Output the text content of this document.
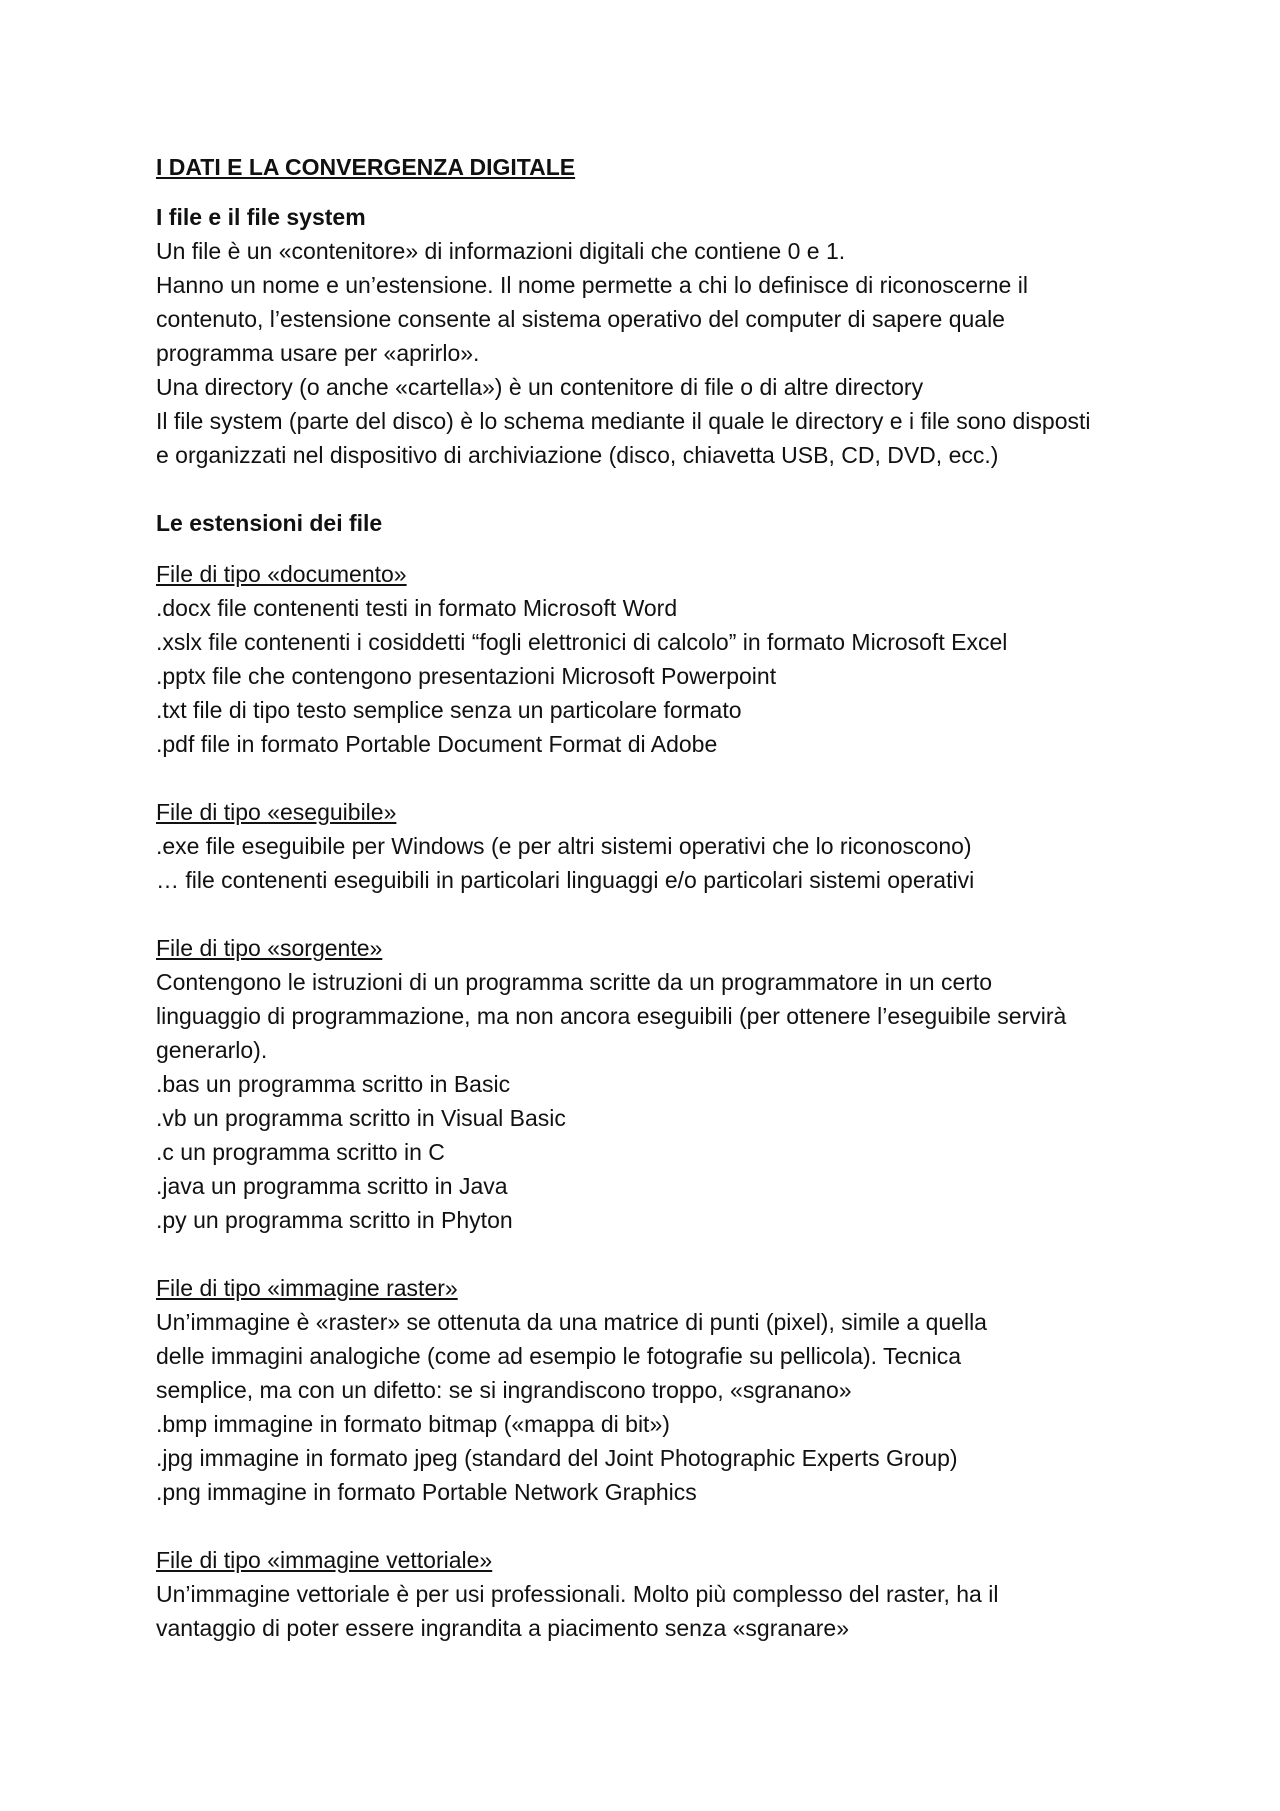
I DATI E LA CONVERGENZA DIGITALE
I file e il file system
Un file è un «contenitore» di informazioni digitali che contiene 0 e 1.
Hanno un nome e un’estensione. Il nome permette a chi lo definisce di riconoscerne il
contenuto, l’estensione consente al sistema operativo del computer di sapere quale
programma usare per «aprirlo».
Una directory (o anche «cartella») è un contenitore di file o di altre directory
Il file system (parte del disco) è lo schema mediante il quale le directory e i file sono disposti
e organizzati nel dispositivo di archiviazione (disco, chiavetta USB, CD, DVD, ecc.)
Le estensioni dei file
File di tipo «documento»
.docx file contenenti testi in formato Microsoft Word
.xslx file contenenti i cosiddetti “fogli elettronici di calcolo” in formato Microsoft Excel
.pptx file che contengono presentazioni Microsoft Powerpoint
.txt file di tipo testo semplice senza un particolare formato
.pdf file in formato Portable Document Format di Adobe
File di tipo «eseguibile»
.exe file eseguibile per Windows (e per altri sistemi operativi che lo riconoscono)
… file contenenti eseguibili in particolari linguaggi e/o particolari sistemi operativi
File di tipo «sorgente»
Contengono le istruzioni di un programma scritte da un programmatore in un certo
linguaggio di programmazione, ma non ancora eseguibili (per ottenere l’eseguibile servirà
generarlo).
.bas un programma scritto in Basic
.vb un programma scritto in Visual Basic
.c un programma scritto in C
.java un programma scritto in Java
.py un programma scritto in Phyton
File di tipo «immagine raster»
Un’immagine è «raster» se ottenuta da una matrice di punti (pixel), simile a quella
delle immagini analogiche (come ad esempio le fotografie su pellicola). Tecnica
semplice, ma con un difetto: se si ingrandiscono troppo, «sgranano»
.bmp immagine in formato bitmap («mappa di bit»)
.jpg immagine in formato jpeg (standard del Joint Photographic Experts Group)
.png immagine in formato Portable Network Graphics
File di tipo «immagine vettoriale»
Un’immagine vettoriale è per usi professionali. Molto più complesso del raster, ha il
vantaggio di poter essere ingrandita a piacimento senza «sgranare»
